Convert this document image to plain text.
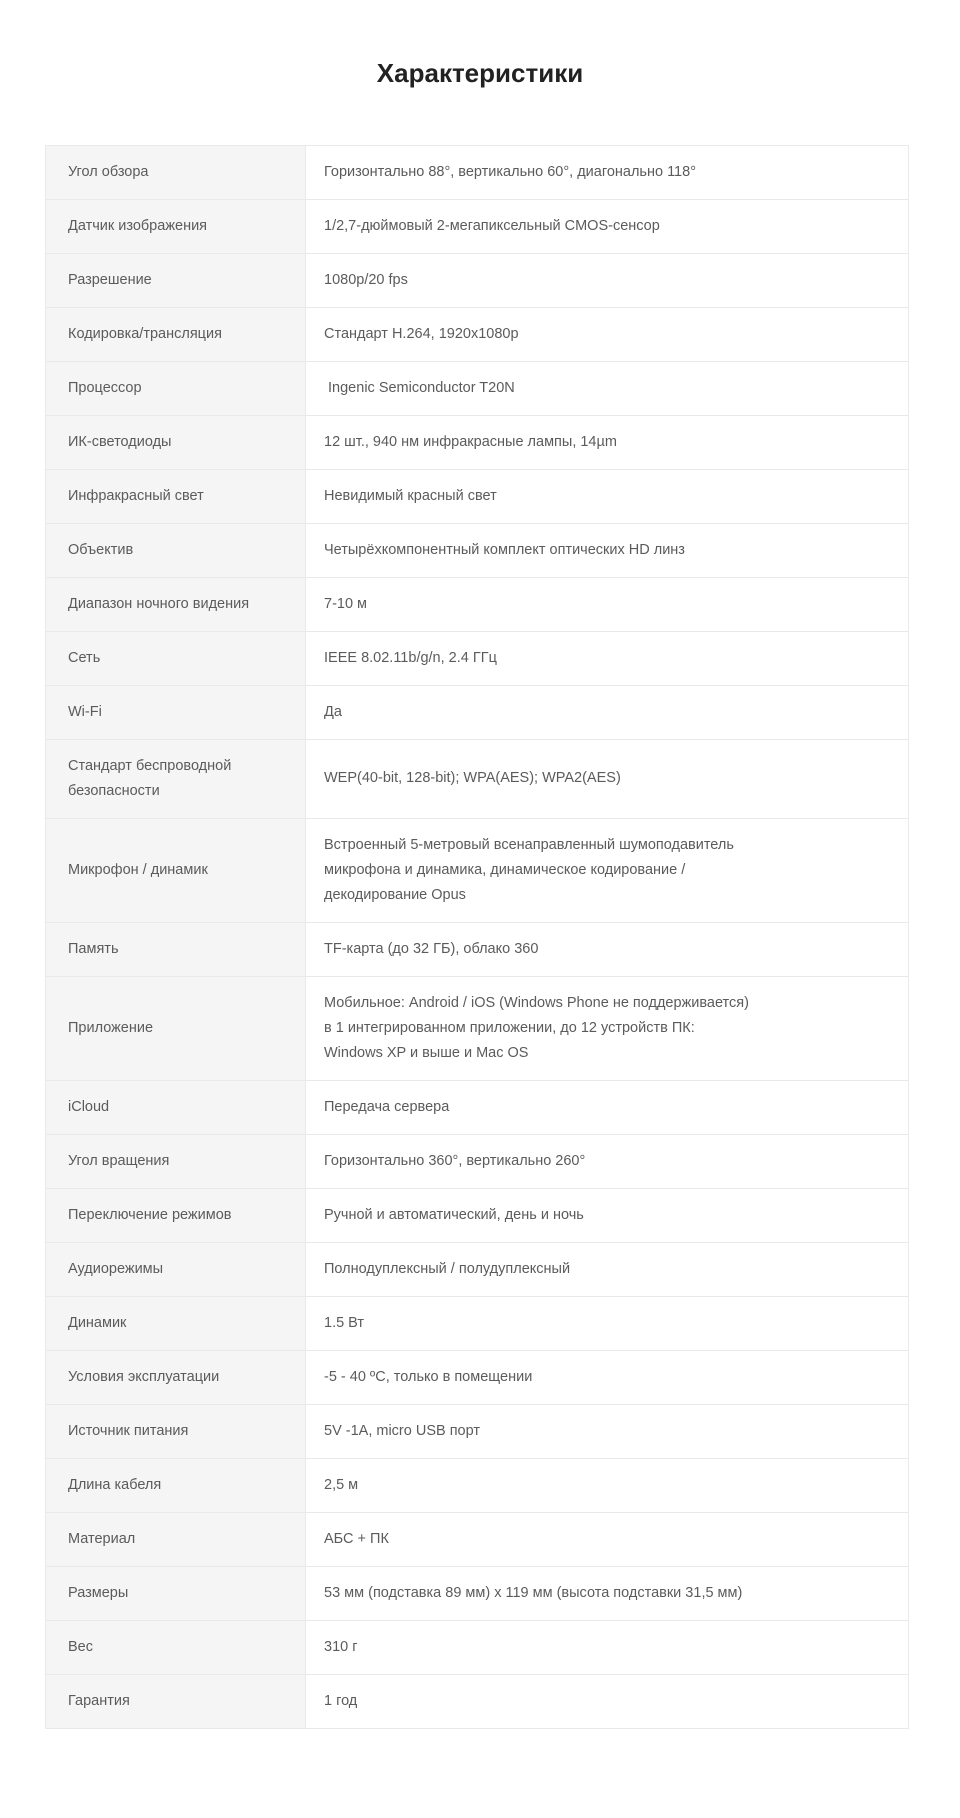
Характеристики
Угол обзора	Горизонтально 88°, вертикально 60°, диагонально 118°

Датчик изображения	1/2,7-дюймовый 2-мегапиксельный CMOS-сенсор

Разрешение	1080p/20 fps

Кодировка/трансляция	Стандарт H.264, 1920x1080p

Процессор	Ingenic Semiconductor T20N

ИК-светодиоды	12 шт., 940 нм инфракрасные лампы, 14µm

Инфракрасный свет	Невидимый красный свет

Объектив	Четырёхкомпонентный комплект оптических HD линз

Диапазон ночного видения	7-10 м

Сеть	IEEE 8.02.11b/g/n, 2.4 ГГц

Wi-Fi	Да

Стандарт беспроводной безопасности	WEP(40-bit, 128-bit); WPA(AES); WPA2(AES)

Микрофон / динамик	Встроенный 5-метровый всенаправленный шумоподавитель
микрофона и динамика, динамическое кодирование /
декодирование Opus

Память	TF-карта (до 32 ГБ), облако 360

Приложение	Мобильное: Android / iOS (Windows Phone не поддерживается)
в 1 интегрированном приложении, до 12 устройств ПК:
Windows XP и выше и Mac OS

iCloud	Передача сервера

Угол вращения	Горизонтально 360°, вертикально 260°

Переключение режимов	Ручной и автоматический, день и ночь

Аудиорежимы	Полнодуплексный / полудуплексный

Динамик	1.5 Вт

Условия эксплуатации	-5 - 40 ºC, только в помещении

Источник питания	5V -1A, micro USB порт

Длина кабеля	2,5 м

Материал	АБС + ПК

Размеры	53 мм (подставка 89 мм) x 119 мм (высота подставки 31,5 мм)

Вес	310 г

Гарантия	1 год
